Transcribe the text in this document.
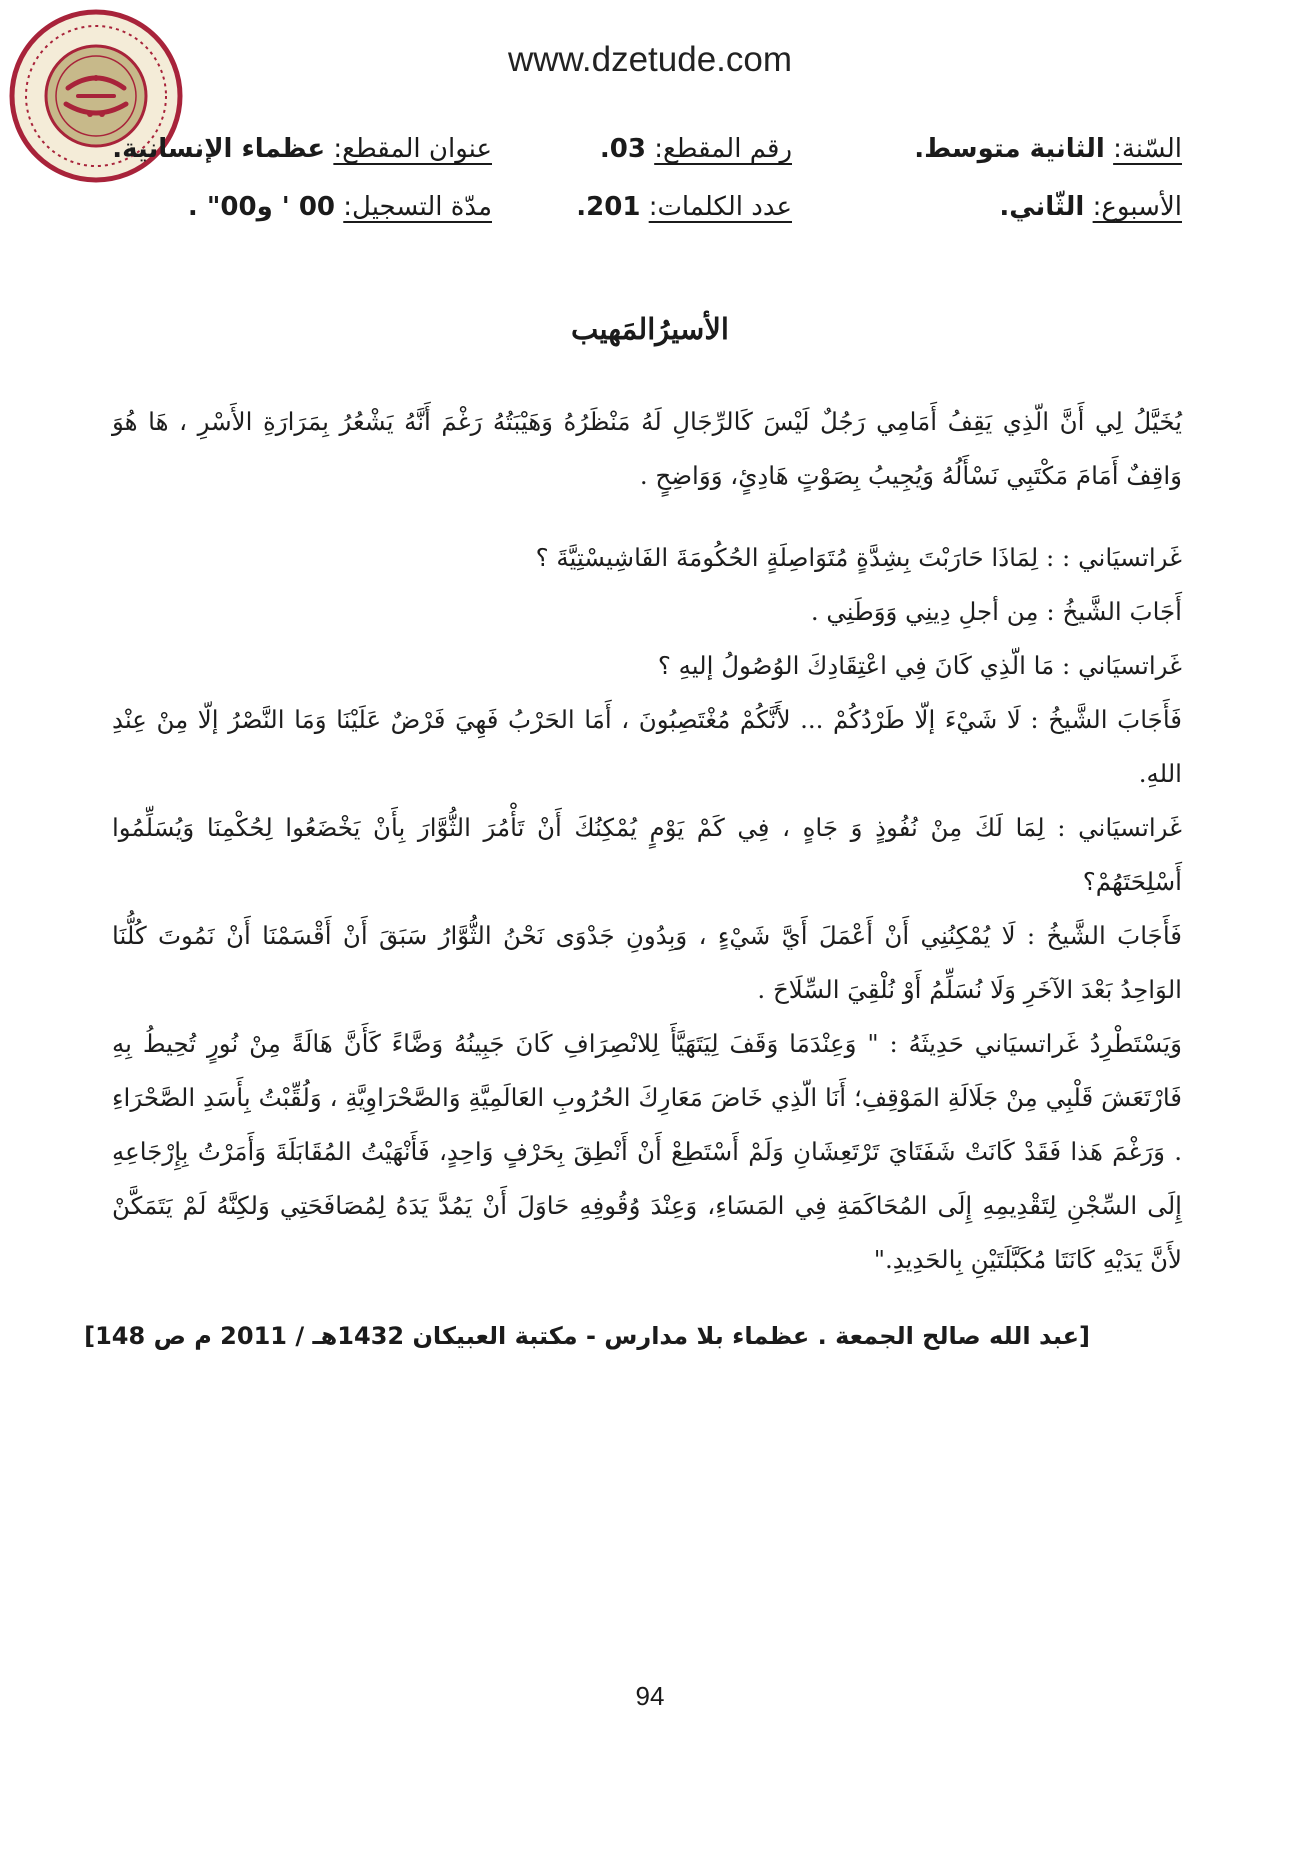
www.dzetude.com
السّنة: الثانية متوسط.
رقم المقطع: 03.
عنوان المقطع: عظماء الإنسانية.
الأسبوع: الثّاني.
عدد الكلمات: 201.
مدّة التسجيل: 00 ' و00" .
الأسيرُالمَهيب

يُخَيَّلُ لِي أَنَّ الّذِي يَقِفُ أَمَامِي رَجُلٌ لَيْسَ كَالرِّجَالِ لَهُ مَنْظَرُهُ وَهَيْبَتُهُ رَغْمَ أَنَّهُ يَشْعُرُ بِمَرَارَةِ الأَسْرِ ، هَا هُوَ وَاقِفٌ أَمَامَ مَكْتَبِي نَسْأَلُهُ وَيُجِيبُ بِصَوْتٍ هَادِئٍ، وَوَاضِحٍ .

غَراتسيَاني : : لِمَاذَا حَارَبْتَ بِشِدَّةٍ مُتَوَاصِلَةٍ الحُكُومَةَ الفَاشِيسْتِيَّةَ ؟

أَجَابَ الشَّيخُ : مِن أجلِ دِينِي وَوَطَنِي .

غَراتسيَاني : مَا الّذِي كَانَ فِي اعْتِقَادِكَ الوُصُولُ إليهِ ؟

فَأَجَابَ الشَّيخُ : لَا شَيْءَ إلّا طَرْدُكُمْ ... لأَنَّكُمْ مُغْتَصِبُونَ ، أَمَا الحَرْبُ فَهِيَ فَرْضٌ عَلَيْنَا وَمَا النَّصْرُ إلّا مِنْ عِنْدِ اللهِ.

غَراتسيَاني : لِمَا لَكَ مِنْ نُفُوذٍ وَ جَاهٍ ، فِي كَمْ يَوْمٍ يُمْكِنُكَ أَنْ تَأْمُرَ الثُّوَّارَ بِأَنْ يَخْضَعُوا لِحُكْمِنَا وَيُسَلِّمُوا أَسْلِحَتَهُمْ؟

فَأَجَابَ الشَّيخُ : لَا يُمْكِنُنِي أَنْ أَعْمَلَ أَيَّ شَيْءٍ ، وَبِدُونِ جَدْوَى نَحْنُ الثُّوَّارُ سَبَقَ أَنْ أَقْسَمْنَا أَنْ نَمُوتَ كُلُّنَا الوَاحِدُ بَعْدَ الآخَرِ وَلَا نُسَلِّمُ أَوْ نُلْقِيَ السِّلَاحَ .

وَيَسْتَطْرِدُ غَراتسيَاني حَدِيثَهُ : " وَعِنْدَمَا وَقَفَ لِيَتَهَيَّأَ لِلانْصِرَافِ كَانَ جَبِينُهُ وَضَّاءً كَأَنَّ هَالَةً مِنْ نُورٍ تُحِيطُ بِهِ فَارْتَعَشَ قَلْبِي مِنْ جَلَالَةِ المَوْقِفِ؛ أَنَا الّذِي خَاضَ مَعَارِكَ الحُرُوبِ العَالَمِيَّةِ وَالصَّحْرَاوِيَّةِ ، وَلُقِّبْتُ بِأَسَدِ الصَّحْرَاءِ . وَرَغْمَ هَذا فَقَدْ كَانَتْ شَفَتَايَ تَرْتَعِشَانِ وَلَمْ أَسْتَطِعْ أَنْ أَنْطِقَ بِحَرْفٍ وَاحِدٍ، فَأَنْهَيْتُ المُقَابَلَةَ وَأَمَرْتُ بِإِرْجَاعِهِ إِلَى السِّجْنِ لِتَقْدِيمِهِ إِلَى المُحَاكَمَةِ فِي المَسَاءِ، وَعِنْدَ وُقُوفِهِ حَاوَلَ أَنْ يَمُدَّ يَدَهُ لِمُصَافَحَتِي وَلكِنَّهُ لَمْ يَتَمَكَّنْ لأَنَّ يَدَيْهِ كَانَتَا مُكَبَّلَتَيْنِ بِالحَدِيدِ."

[عبد الله صالح الجمعة . عظماء بلا مدارس - مكتبة العبيكان 1432هـ / 2011 م ص 148]
94
